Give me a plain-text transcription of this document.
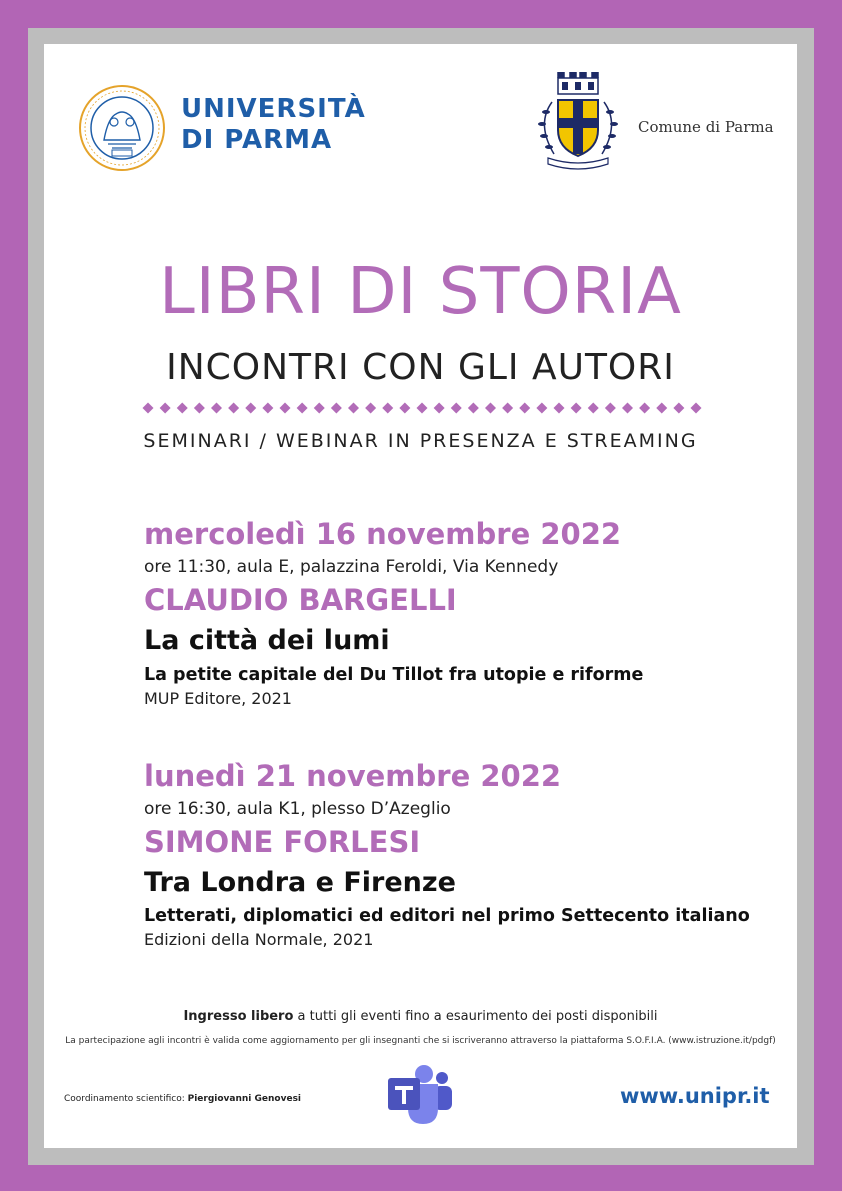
UNIVERSITÀ
DI PARMA	Comune di Parma
LIBRI DI STORIA
INCONTRI CON GLI AUTORI
SEMINARI / WEBINAR IN PRESENZA E STREAMING
mercoledì 16 novembre 2022
ore 11:30, aula E, palazzina Feroldi, Via Kennedy
CLAUDIO BARGELLI
La città dei lumi
La petite capitale del Du Tillot fra utopie e riforme
MUP Editore, 2021
lunedì 21 novembre 2022
ore 16:30, aula K1, plesso D’Azeglio
SIMONE FORLESI
Tra Londra e Firenze
Letterati, diplomatici ed editori nel primo Settecento italiano
Edizioni della Normale, 2021
Ingresso libero a tutti gli eventi fino a esaurimento dei posti disponibili
La partecipazione agli incontri è valida come aggiornamento per gli insegnanti che si iscriveranno attraverso la piattaforma S.O.F.I.A. (www.istruzione.it/pdgf)
Coordinamento scientifico: Piergiovanni Genovesi	www.unipr.it
